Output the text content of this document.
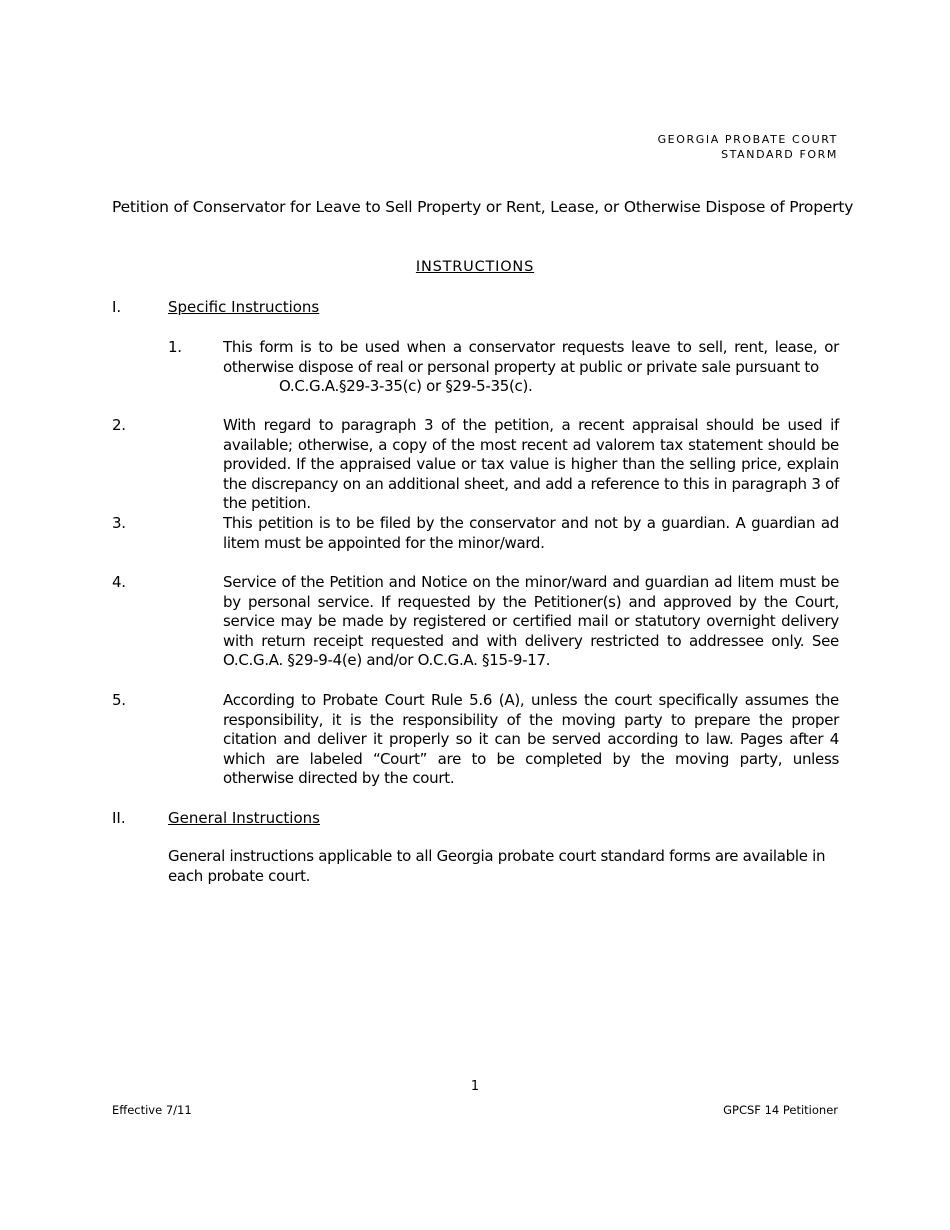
GEORGIA PROBATE COURT
STANDARD FORM
Petition of Conservator for Leave to Sell Property or Rent, Lease, or Otherwise Dispose of Property
INSTRUCTIONS
I.	Specific Instructions
1.	This form is to be used when a conservator requests leave to sell, rent, lease, or otherwise dispose of real or personal property at public or private sale pursuant to
O.C.G.A.§29-3-35(c) or §29-5-35(c).
2.	With regard to paragraph 3 of the petition, a recent appraisal should be used if available; otherwise, a copy of the most recent ad valorem tax statement should be provided. If the appraised value or tax value is higher than the selling price, explain the discrepancy on an additional sheet, and add a reference to this in paragraph 3 of the petition.
3.	This petition is to be filed by the conservator and not by a guardian. A guardian ad litem must be appointed for the minor/ward.
4.	Service of the Petition and Notice on the minor/ward and guardian ad litem must be by personal service. If requested by the Petitioner(s) and approved by the Court, service may be made by registered or certified mail or statutory overnight delivery with return receipt requested and with delivery restricted to addressee only. See O.C.G.A. §29-9-4(e) and/or O.C.G.A. §15-9-17.
5.	According to Probate Court Rule 5.6 (A), unless the court specifically assumes the responsibility, it is the responsibility of the moving party to prepare the proper citation and deliver it properly so it can be served according to law. Pages after 4 which are labeled “Court” are to be completed by the moving party, unless otherwise directed by the court.
II.	General Instructions
General instructions applicable to all Georgia probate court standard forms are available in each probate court.
1
Effective 7/11	GPCSF 14 Petitioner
